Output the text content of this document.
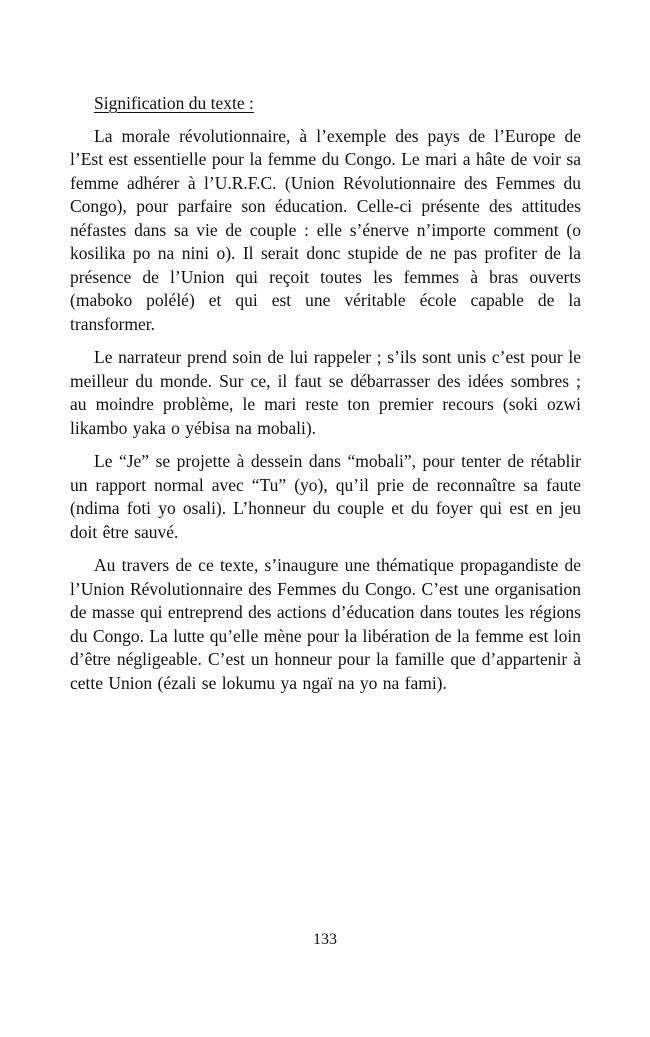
Signification du texte :

La morale révolutionnaire, à l’exemple des pays de l’Europe de l’Est est essentielle pour la femme du Congo. Le mari a hâte de voir sa femme adhérer à l’U.R.F.C. (Union Révolutionnaire des Femmes du Congo), pour parfaire son éducation. Celle-ci présente des attitudes néfastes dans sa vie de couple : elle s’énerve n’importe comment (o kosilika po na nini o). Il serait donc stupide de ne pas profiter de la présence de l’Union qui reçoit toutes les femmes à bras ouverts (maboko polélé) et qui est une véritable école capable de la transformer.

Le narrateur prend soin de lui rappeler ; s’ils sont unis c’est pour le meilleur du monde. Sur ce, il faut se débarrasser des idées sombres ; au moindre problème, le mari reste ton premier recours (soki ozwi likambo yaka o yébisa na mobali).

Le “Je” se projette à dessein dans “mobali”, pour tenter de rétablir un rapport normal avec “Tu” (yo), qu’il prie de reconnaître sa faute (ndima foti yo osali). L’honneur du couple et du foyer qui est en jeu doit être sauvé.

Au travers de ce texte, s’inaugure une thématique propagandiste de l’Union Révolutionnaire des Femmes du Congo. C’est une organisation de masse qui entreprend des actions d’éducation dans toutes les régions du Congo. La lutte qu’elle mène pour la libération de la femme est loin d’être négligeable. C’est un honneur pour la famille que d’appartenir à cette Union (ézali se lokumu ya ngaï na yo na fami).

133
